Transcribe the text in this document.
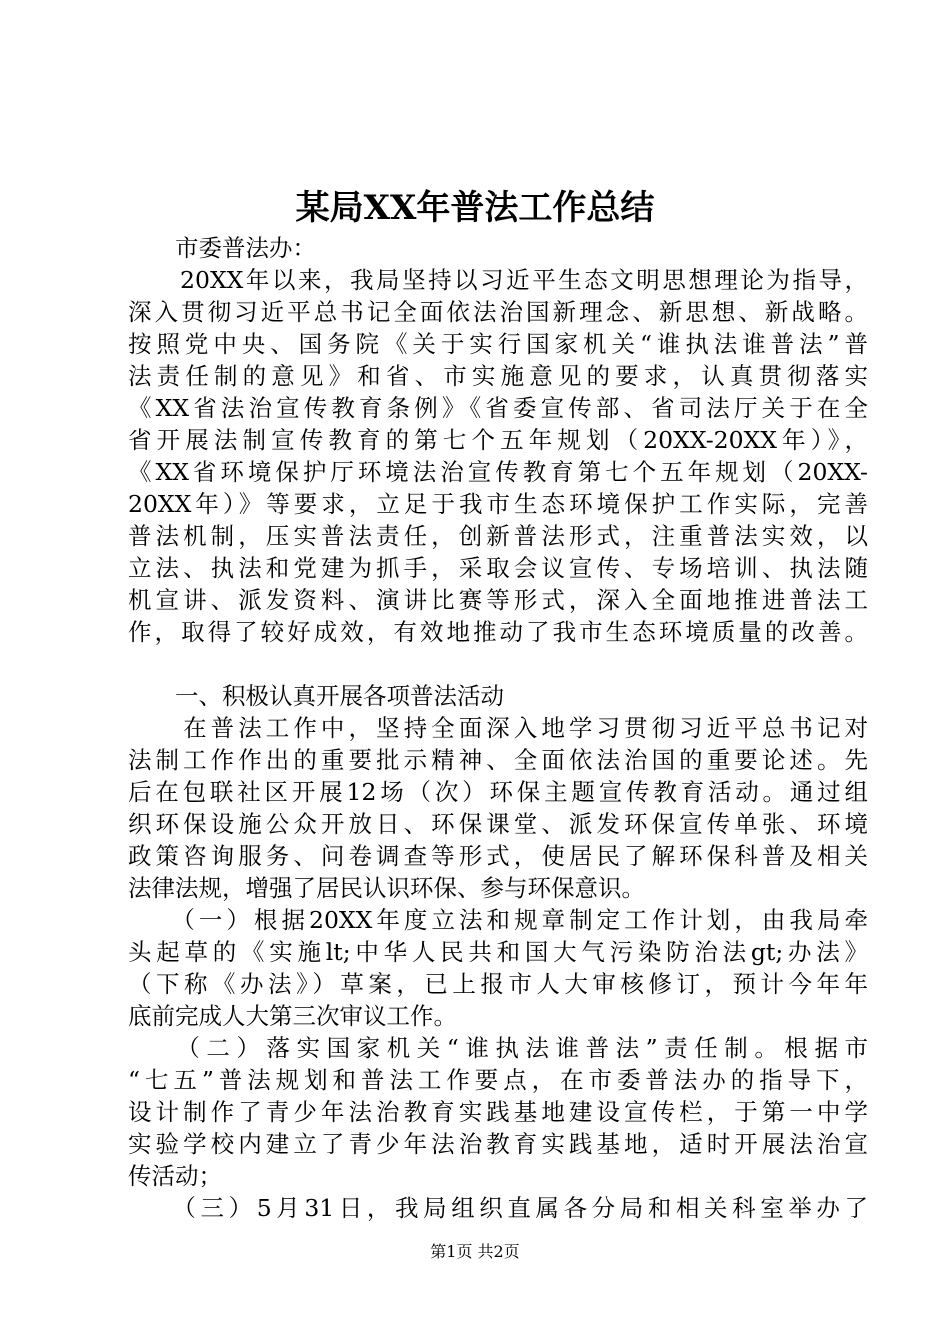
某局XX年普法工作总结
　　市委普法办：
　　20XX年以来，我局坚持以习近平生态文明思想理论为指导，
深入贯彻习近平总书记全面依法治国新理念、新思想、新战略。
按照党中央、国务院《关于实行国家机关“谁执法谁普法”普
法责任制的意见》和省、市实施意见的要求，认真贯彻落实
《XX省法治宣传教育条例》《省委宣传部、省司法厅关于在全
省开展法制宣传教育的第七个五年规划（20XX-20XX年）》，
《XX省环境保护厅环境法治宣传教育第七个五年规划（20XX-
20XX年）》等要求，立足于我市生态环境保护工作实际，完善
普法机制，压实普法责任，创新普法形式，注重普法实效，以
立法、执法和党建为抓手，采取会议宣传、专场培训、执法随
机宣讲、派发资料、演讲比赛等形式，深入全面地推进普法工
作，取得了较好成效，有效地推动了我市生态环境质量的改善。
　　一、积极认真开展各项普法活动
　　在普法工作中，坚持全面深入地学习贯彻习近平总书记对
法制工作作出的重要批示精神、全面依法治国的重要论述。先
后在包联社区开展12场（次）环保主题宣传教育活动。通过组
织环保设施公众开放日、环保课堂、派发环保宣传单张、环境
政策咨询服务、问卷调查等形式，使居民了解环保科普及相关
法律法规，增强了居民认识环保、参与环保意识。
　　（一）根据20XX年度立法和规章制定工作计划，由我局牵
头起草的《实施lt;中华人民共和国大气污染防治法gt;办法》
（下称《办法》）草案，已上报市人大审核修订，预计今年年
底前完成人大第三次审议工作。
　　（二）落实国家机关“谁执法谁普法”责任制。根据市
“七五”普法规划和普法工作要点，在市委普法办的指导下，
设计制作了青少年法治教育实践基地建设宣传栏，于第一中学
实验学校内建立了青少年法治教育实践基地，适时开展法治宣
传活动；
　　（三）5月31日，我局组织直属各分局和相关科室举办了
第1页 共2页
